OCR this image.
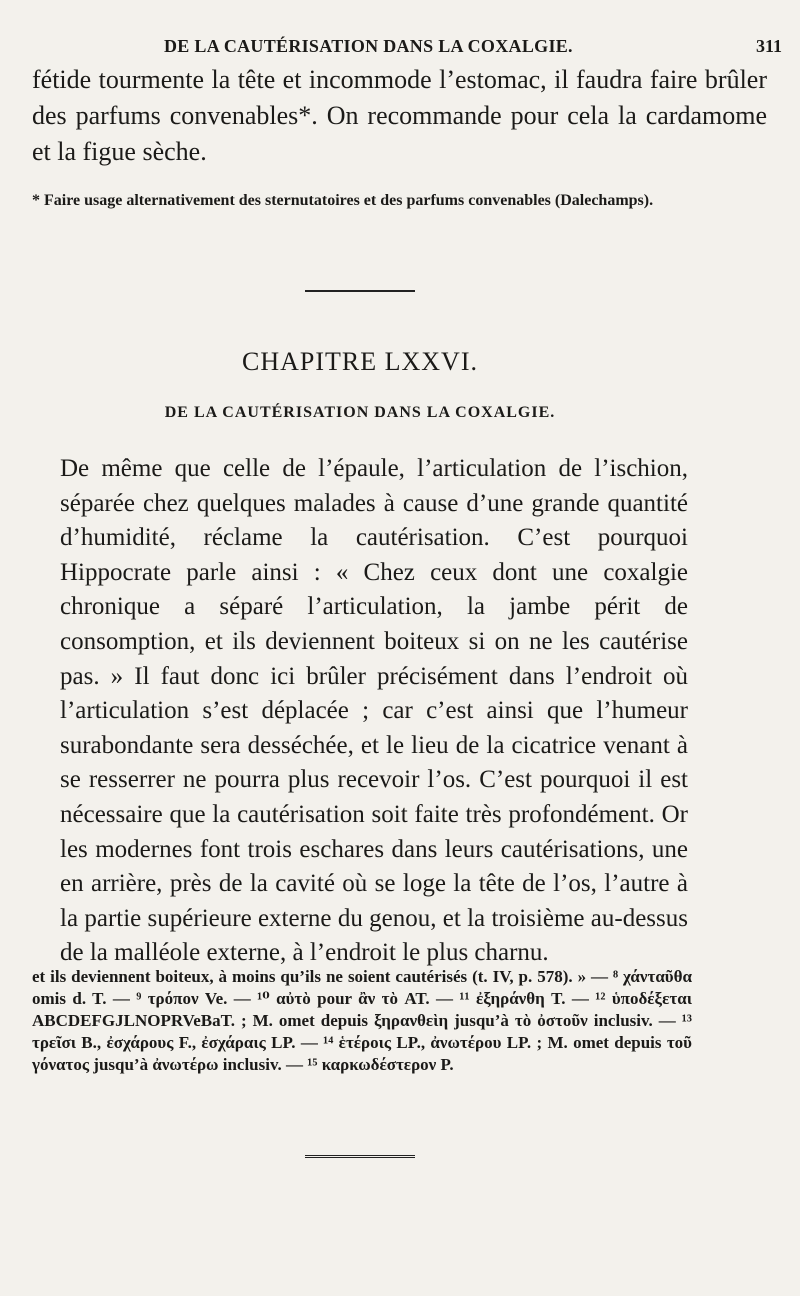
DE LA CAUTÉRISATION DANS LA COXALGIE.	311

fétide tourmente la tête et incommode l’estomac, il faudra faire brûler des parfums convenables*. On recommande pour cela la cardamome et la figue sèche.

* Faire usage alternativement des sternutatoires et des parfums convenables (Dalechamps).
CHAPITRE LXXVI.
DE LA CAUTÉRISATION DANS LA COXALGIE.
De même que celle de l’épaule, l’articulation de l’ischion, séparée chez quelques malades à cause d’une grande quantité d’humidité, réclame la cautérisation. C’est pourquoi Hippocrate parle ainsi : « Chez ceux dont une coxalgie chronique a séparé l’articulation, la jambe périt de consomption, et ils deviennent boiteux si on ne les cautérise pas. » Il faut donc ici brûler précisément dans l’endroit où l’articulation s’est déplacée ; car c’est ainsi que l’humeur surabondante sera desséchée, et le lieu de la cicatrice venant à se resserrer ne pourra plus recevoir l’os. C’est pourquoi il est nécessaire que la cautérisation soit faite très profondément. Or les modernes font trois eschares dans leurs cautérisations, une en arrière, près de la cavité où se loge la tête de l’os, l’autre à la partie supérieure externe du genou, et la troisième au-dessus de la malléole externe, à l’endroit le plus charnu.
et ils deviennent boiteux, à moins qu’ils ne soient cautérisés (t. IV, p. 578). » — ⁸ χάνταῦθα omis d. T. — ⁹ τρόπον Ve. — ¹⁰ αὐτὸ pour ἂν τὸ AT. — ¹¹ ἐξηράνθη T. — ¹² ὑποδέξεται ABCDEFGJLNOPRVeBaT. ; M. omet depuis ξηρανθεὶη jusqu’à τὸ ὀστοῦν inclusiv. — ¹³ τρεῖσι B., ἐσχάρους F., ἐσχάραις LP. — ¹⁴ ἑτέροις LP., ἀνωτέρου LP. ; M. omet depuis τοῦ γόνατος jusqu’à ἀνωτέρω inclusiv. — ¹⁵ καρκωδέστερον P.
